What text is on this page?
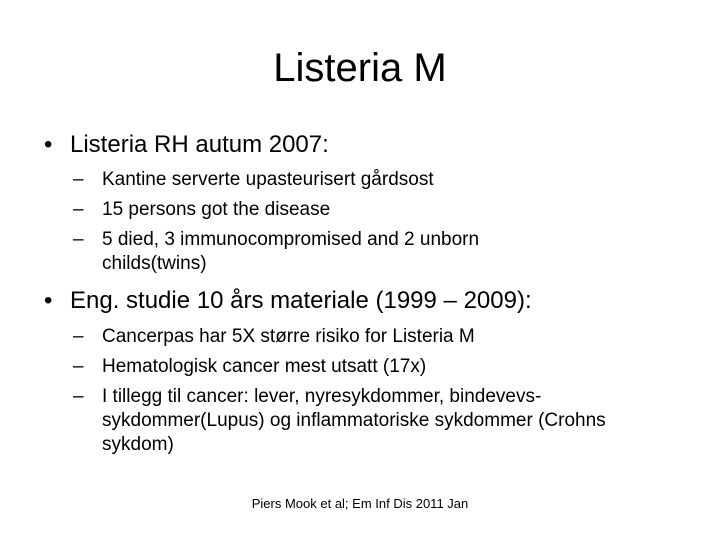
Listeria M
• Listeria RH autum 2007:
– Kantine serverte upasteurisert gårdsost
– 15 persons got the disease
– 5 died, 3 immunocompromised and 2 unborn childs(twins)
• Eng. studie 10 års materiale (1999 – 2009):
– Cancerpas har 5X større risiko for Listeria M
– Hematologisk cancer mest utsatt (17x)
– I tillegg til cancer: lever, nyresykdommer, bindevevs-sykdommer(Lupus) og inflammatoriske sykdommer (Crohns sykdom)
Piers Mook et al; Em Inf Dis 2011 Jan
